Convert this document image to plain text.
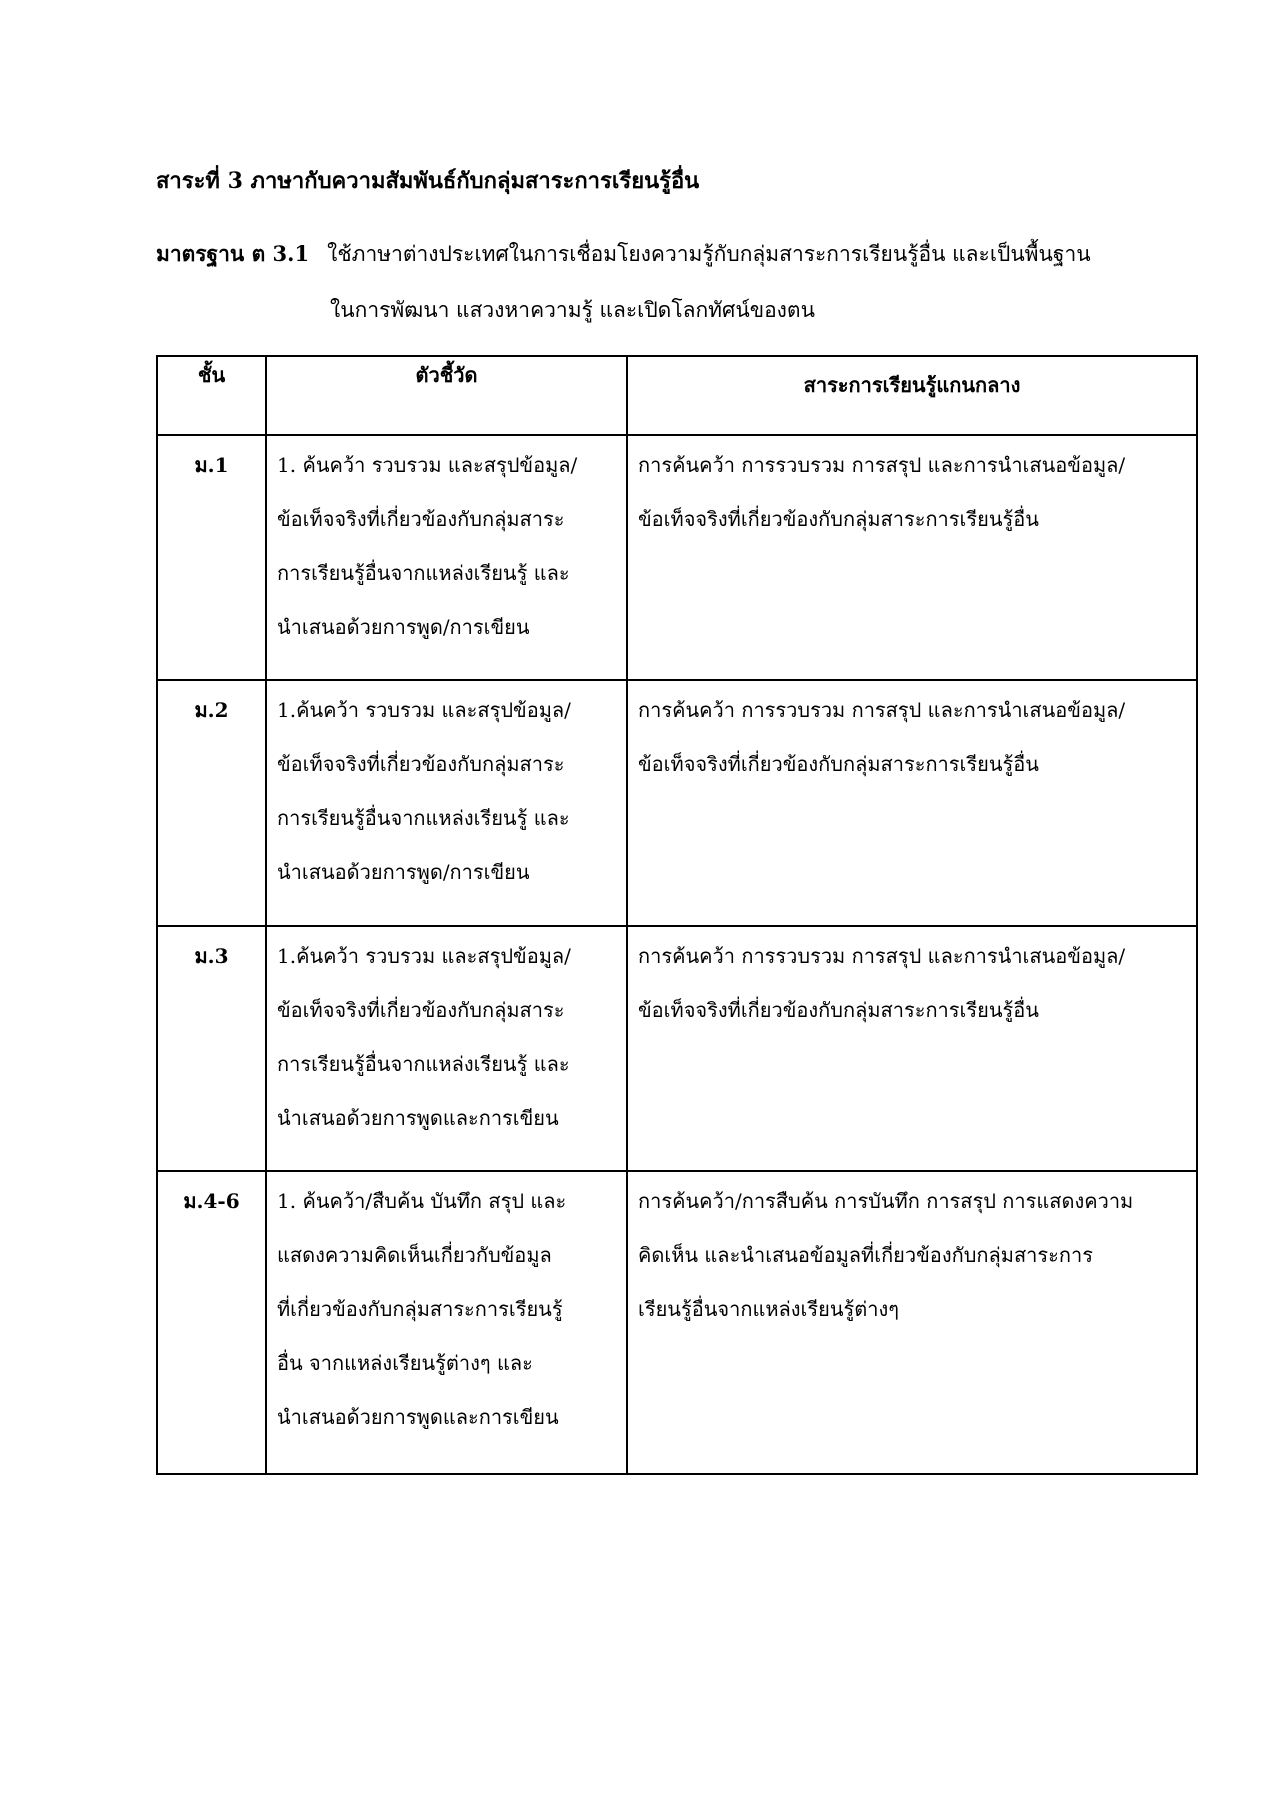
สาระที่ 3 ภาษากับความสัมพันธ์กับกลุ่มสาระการเรียนรู้อื่น
มาตรฐาน ต 3.1 ใช้ภาษาต่างประเทศในการเชื่อมโยงความรู้กับกลุ่มสาระการเรียนรู้อื่น และเป็นพื้นฐาน
ในการพัฒนา แสวงหาความรู้ และเปิดโลกทัศน์ของตน
ชั้น	ตัวชี้วัด	สาระการเรียนรู้แกนกลาง
ม.1	1. ค้นคว้า รวบรวม และสรุปข้อมูล/
ข้อเท็จจริงที่เกี่ยวข้องกับกลุ่มสาระ
การเรียนรู้อื่นจากแหล่งเรียนรู้ และ
นำเสนอด้วยการพูด/การเขียน	การค้นคว้า การรวบรวม การสรุป และการนำเสนอข้อมูล/
ข้อเท็จจริงที่เกี่ยวข้องกับกลุ่มสาระการเรียนรู้อื่น

ม.2	1.ค้นคว้า รวบรวม และสรุปข้อมูล/
ข้อเท็จจริงที่เกี่ยวข้องกับกลุ่มสาระ
การเรียนรู้อื่นจากแหล่งเรียนรู้ และ
นำเสนอด้วยการพูด/การเขียน	การค้นคว้า การรวบรวม การสรุป และการนำเสนอข้อมูล/
ข้อเท็จจริงที่เกี่ยวข้องกับกลุ่มสาระการเรียนรู้อื่น

ม.3	1.ค้นคว้า รวบรวม และสรุปข้อมูล/
ข้อเท็จจริงที่เกี่ยวข้องกับกลุ่มสาระ
การเรียนรู้อื่นจากแหล่งเรียนรู้ และ
นำเสนอด้วยการพูดและการเขียน	การค้นคว้า การรวบรวม การสรุป และการนำเสนอข้อมูล/
ข้อเท็จจริงที่เกี่ยวข้องกับกลุ่มสาระการเรียนรู้อื่น

ม.4-6	1. ค้นคว้า/สืบค้น บันทึก สรุป และ
แสดงความคิดเห็นเกี่ยวกับข้อมูล
ที่เกี่ยวข้องกับกลุ่มสาระการเรียนรู้
อื่น จากแหล่งเรียนรู้ต่างๆ และ
นำเสนอด้วยการพูดและการเขียน	การค้นคว้า/การสืบค้น การบันทึก การสรุป การแสดงความ
คิดเห็น และนำเสนอข้อมูลที่เกี่ยวข้องกับกลุ่มสาระการ
เรียนรู้อื่นจากแหล่งเรียนรู้ต่างๆ
